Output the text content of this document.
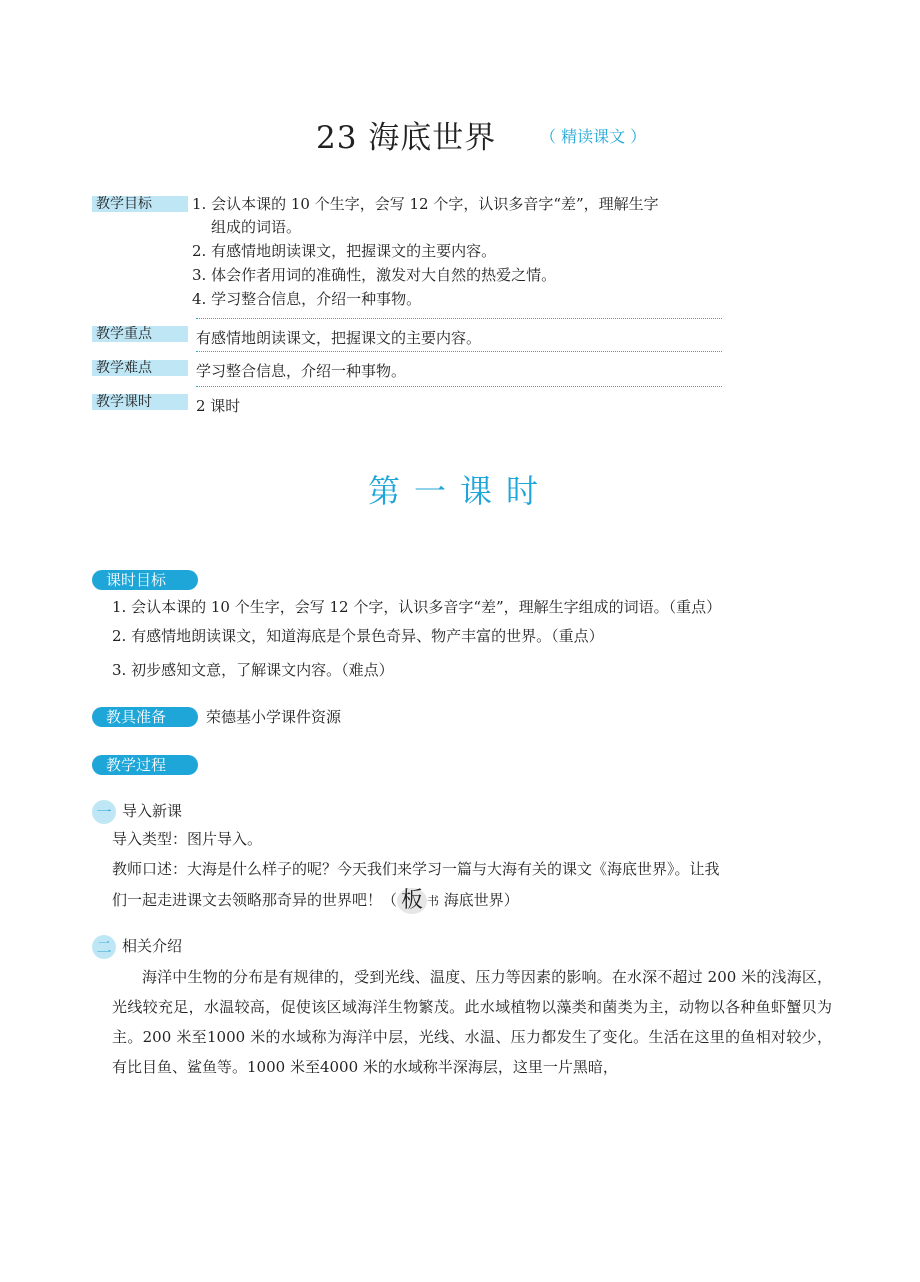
23 海底世界	（ 精读课文 ）
教学目标	1. 会认本课的 10 个生字，会写 12 个字，认识多音字“差”，理解生字
组成的词语。
2. 有感情地朗读课文，把握课文的主要内容。
3. 体会作者用词的准确性，激发对大自然的热爱之情。
4. 学习整合信息，介绍一种事物。
教学重点	有感情地朗读课文，把握课文的主要内容。
教学难点	学习整合信息，介绍一种事物。
教学课时	2 课时
第一课时
课时目标
1. 会认本课的 10 个生字，会写 12 个字，认识多音字“差”，理解生字组成的词语。（重点）
2. 有感情地朗读课文，知道海底是个景色奇异、物产丰富的世界。（重点）
3. 初步感知文意，了解课文内容。（难点）
教具准备	荣德基小学课件资源
教学过程
一 导入新课
导入类型：图片导入。
教师口述：大海是什么样子的呢？今天我们来学习一篇与大海有关的课文《海底世界》。让我
们一起走进课文去领略那奇异的世界吧！（ 板 书 海底世界）
二 相关介绍
海洋中生物的分布是有规律的，受到光线、温度、压力等因素的影响。在水深不超过 200 米的浅海区，光线较充足，水温较高，促使该区域海洋生物繁茂。此水域植物以藻类和菌类为主，动物以各种鱼虾蟹贝为主。200 米至1000 米的水域称为海洋中层，光线、水温、压力都发生了变化。生活在这里的鱼相对较少，有比目鱼、鲨鱼等。1000 米至4000 米的水域称半深海层，这里一片黑暗，
